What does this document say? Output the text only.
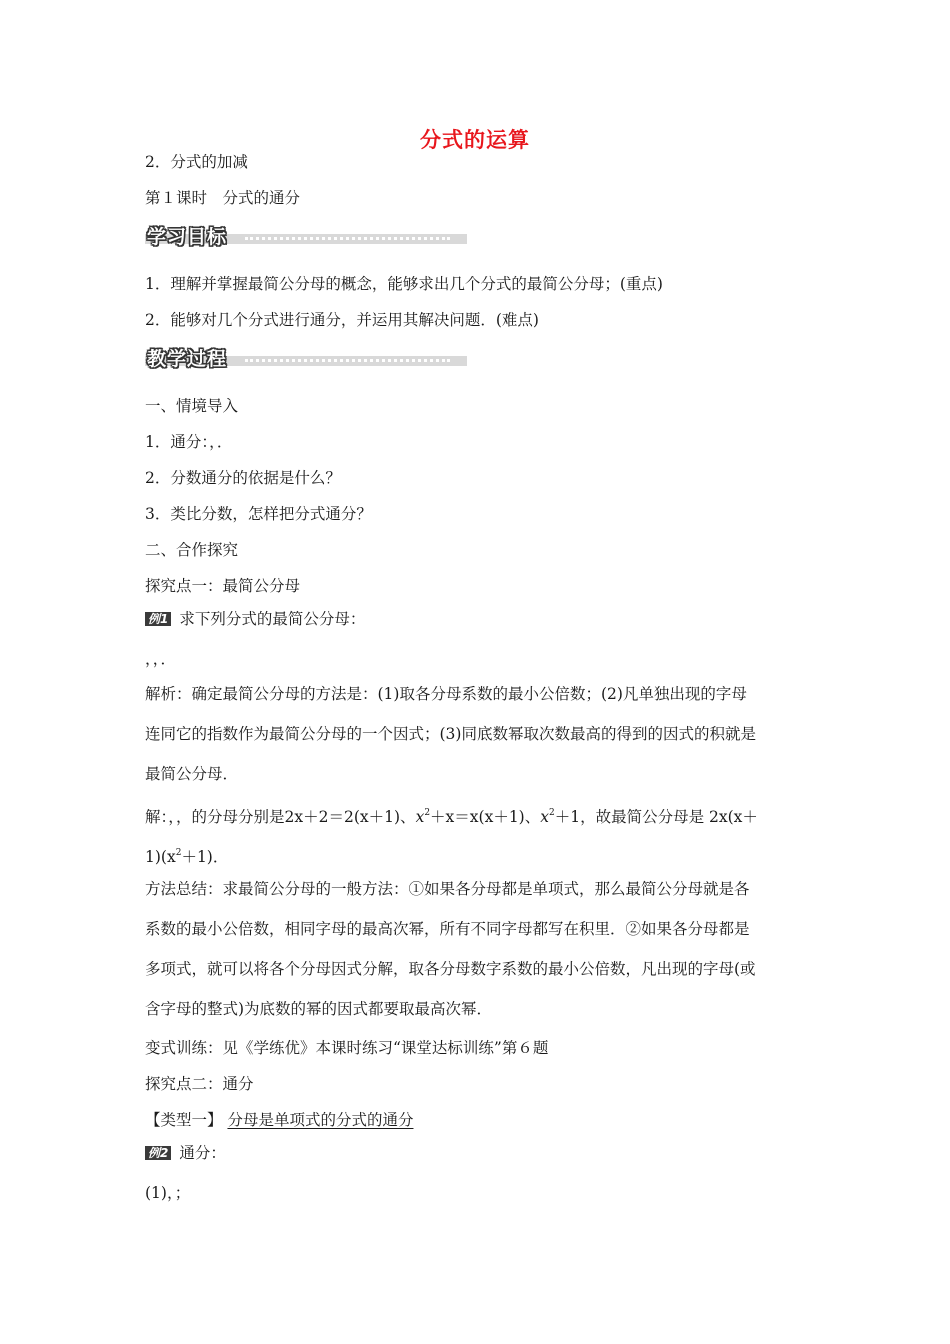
分式的运算
2．分式的加减
第１课时　分式的通分
学习目标
1．理解并掌握最简公分母的概念，能够求出几个分式的最简公分母；(重点)
2．能够对几个分式进行通分，并运用其解决问题．(难点)
教学过程
一、情境导入
1．通分：，．
2．分数通分的依据是什么？
3．类比分数，怎样把分式通分？
二、合作探究
探究点一：最简公分母
例1 求下列分式的最简公分母：
，，．
解析：确定最简公分母的方法是：(1)取各分母系数的最小公倍数；(2)凡单独出现的字母
连同它的指数作为最简公分母的一个因式；(3)同底数幂取次数最高的得到的因式的积就是
最简公分母．
解：，，的分母分别是2x＋2＝2(x＋1)、$x^2+x=x(x+1)$、$x^2+1$，故最简公分母是 2x(x＋
$1)(x^2+1)$．
方法总结：求最简公分母的一般方法：①如果各分母都是单项式，那么最简公分母就是各
系数的最小公倍数，相同字母的最高次幂，所有不同字母都写在积里．②如果各分母都是
多项式，就可以将各个分母因式分解，取各分母数字系数的最小公倍数，凡出现的字母(或
含字母的整式)为底数的幂的因式都要取最高次幂．
变式训练：见《学练优》本课时练习“课堂达标训练”第６题
探究点二：通分
【类型一】 分母是单项式的分式的通分
例2 通分：
(1)，；
